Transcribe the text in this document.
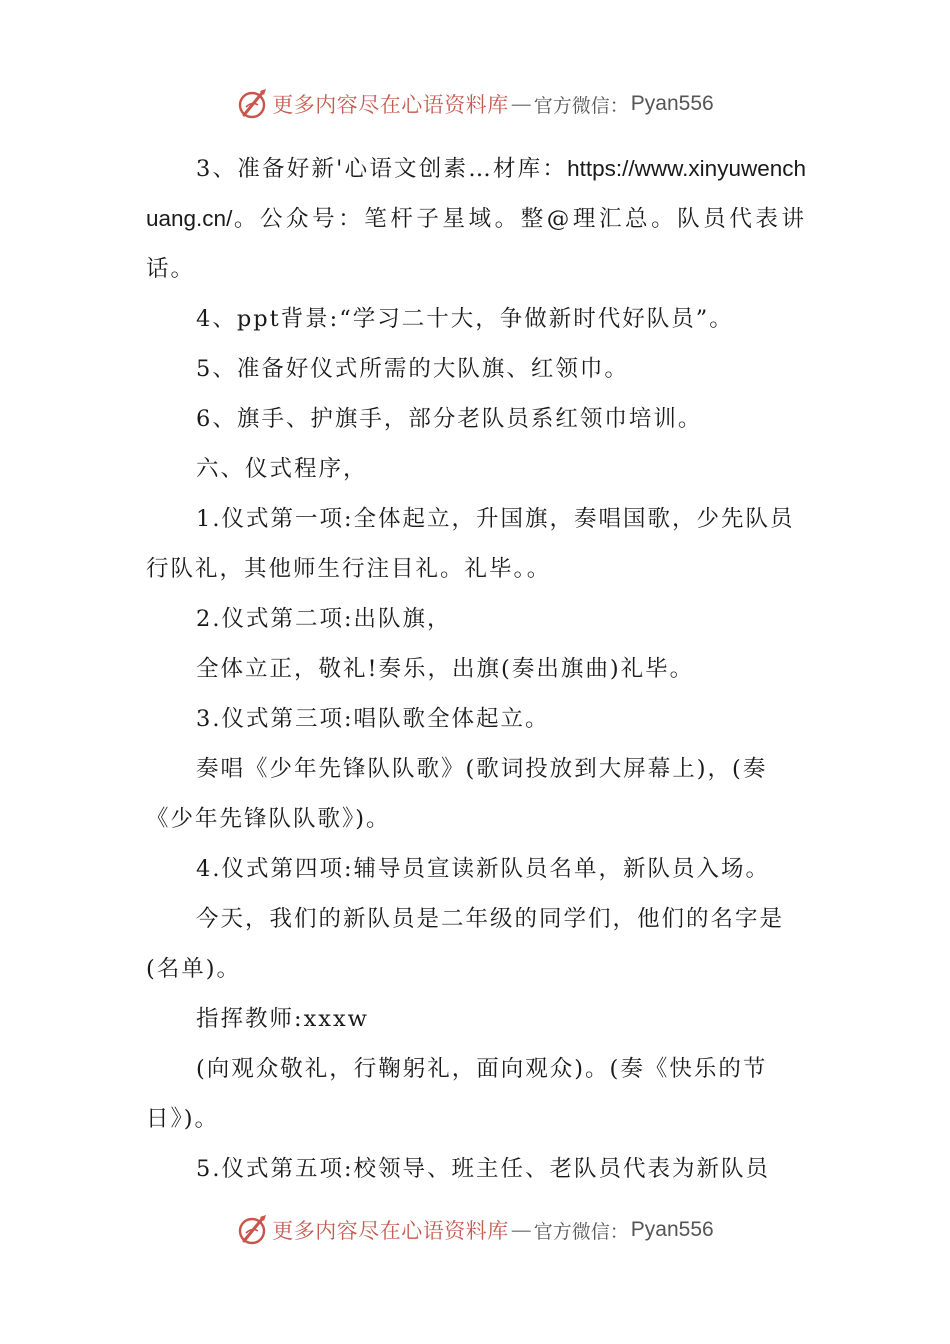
更多内容尽在心语资料库 — 官方微信： Pyan556

3、准备好新'心语文创素…材库：https://www.xinyuwenchuang.cn/。公众号：笔杆子星域。整@理汇总。队员代表讲话。

4、ppt背景:“学习二十大，争做新时代好队员”。

5、准备好仪式所需的大队旗、红领巾。

6、旗手、护旗手，部分老队员系红领巾培训。

六、仪式程序，

1.仪式第一项:全体起立，升国旗，奏唱国歌，少先队员行队礼，其他师生行注目礼。礼毕。。

2.仪式第二项:出队旗，

全体立正，敬礼!奏乐，出旗(奏出旗曲)礼毕。

3.仪式第三项:唱队歌全体起立。

奏唱《少年先锋队队歌》(歌词投放到大屏幕上)，(奏《少年先锋队队歌》)。

4.仪式第四项:辅导员宣读新队员名单，新队员入场。

今天，我们的新队员是二年级的同学们，他们的名字是(名单)。

指挥教师:xxxw

(向观众敬礼，行鞠躬礼，面向观众)。(奏《快乐的节日》)。

5.仪式第五项:校领导、班主任、老队员代表为新队员

更多内容尽在心语资料库 — 官方微信： Pyan556
